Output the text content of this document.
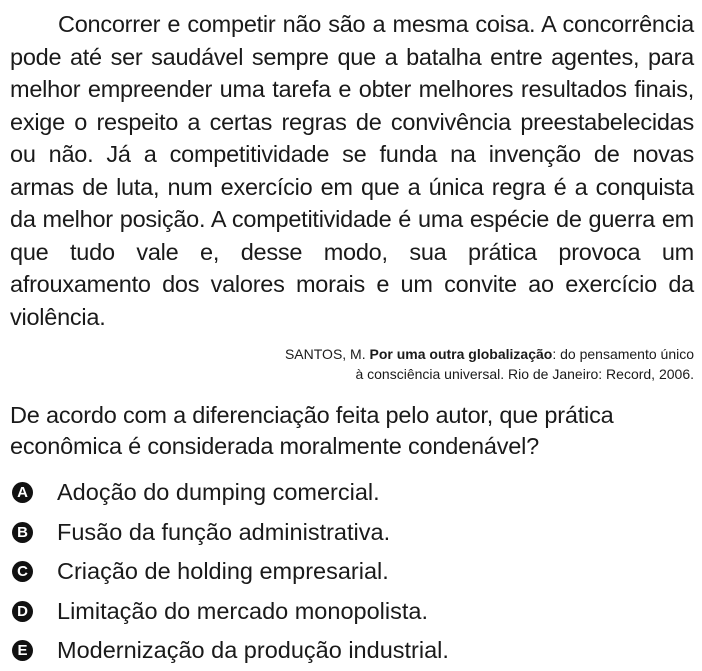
Concorrer e competir não são a mesma coisa. A concorrência pode até ser saudável sempre que a batalha entre agentes, para melhor empreender uma tarefa e obter melhores resultados finais, exige o respeito a certas regras de convivência preestabelecidas ou não. Já a competitividade se funda na invenção de novas armas de luta, num exercício em que a única regra é a conquista da melhor posição. A competitividade é uma espécie de guerra em que tudo vale e, desse modo, sua prática provoca um afrouxamento dos valores morais e um convite ao exercício da violência.

SANTOS, M. Por uma outra globalização: do pensamento único
à consciência universal. Rio de Janeiro: Record, 2006.

De acordo com a diferenciação feita pelo autor, que prática econômica é considerada moralmente condenável?

A Adoção do dumping comercial.
B Fusão da função administrativa.
C Criação de holding empresarial.
D Limitação do mercado monopolista.
E Modernização da produção industrial.
